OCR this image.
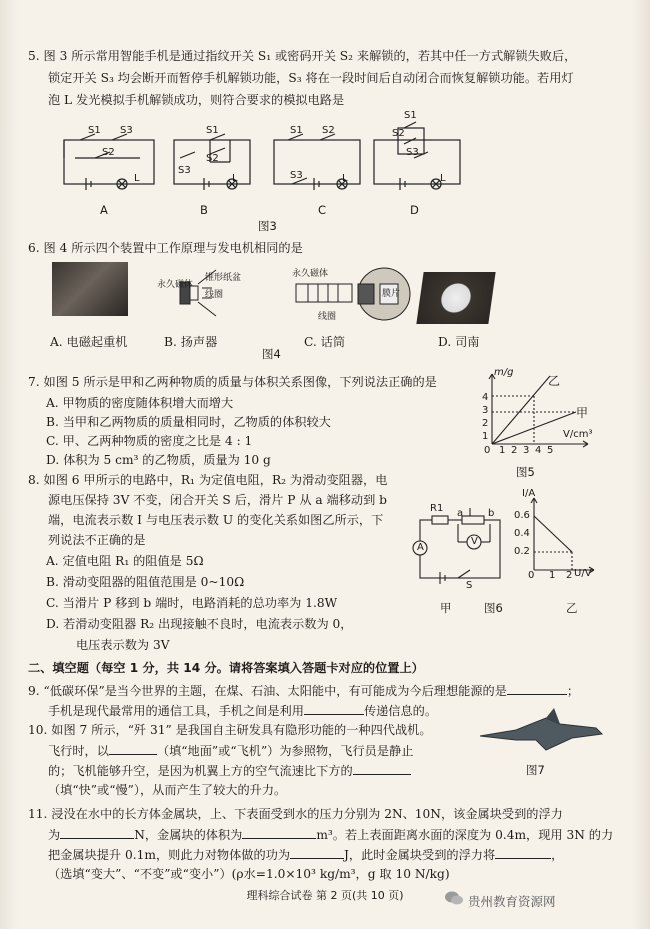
5. 图 3 所示常用智能手机是通过指纹开关 S₁ 或密码开关 S₂ 来解锁的，若其中任一方式解锁失败后，
锁定开关 S₃ 均会断开而暂停手机解锁功能，S₃ 将在一段时间后自动闭合而恢复解锁功能。若用灯
泡 L 发光模拟手机解锁成功，则符合要求的模拟电路是
S1 S3
S2
L
A
S1
S2
S3
L
B
S1 S2
S3	L
C
S1
S2
S3
L
D
图3
6. 图 4 所示四个装置中工作原理与发电机相同的是
永久磁体
锥形纸盆
线圈
永久磁体
膜片
线圈
A. 电磁起重机	B. 扬声器	C. 话筒	D. 司南
图4
7. 如图 5 所示是甲和乙两种物质的质量与体积关系图像，下列说法正确的是
A. 甲物质的密度随体积增大而增大
B. 当甲和乙两物质的质量相同时，乙物质的体积较大
C. 甲、乙两种物质的密度之比是 4 : 1
D. 体积为 5 cm³ 的乙物质，质量为 10 g
m/g
V/cm³
4
3
2
1
0 1 2 3 4 5
乙
甲
图5
8. 如图 6 甲所示的电路中，R₁ 为定值电阻，R₂ 为滑动变阻器，电
源电压保持 3V 不变，闭合开关 S 后，滑片 P 从 a 端移动到 b
端，电流表示数 I 与电压表示数 U 的变化关系如图乙所示，下
列说法不正确的是
A. 定值电阻 R₁ 的阻值是 5Ω
B. 滑动变阻器的阻值范围是 0~10Ω
C. 当滑片 P 移到 b 端时，电路消耗的总功率为 1.8W
D. 若滑动变阻器 R₂ 出现接触不良时，电流表示数为 0，
电压表示数为 3V
R1 a b
A
V
S
I/A
U/V
0.6
0.4
0.2
0 1 2
甲	图6	乙
二、填空题（每空 1 分，共 14 分。请将答案填入答题卡对应的位置上）
9. “低碳环保”是当今世界的主题，在煤、石油、太阳能中，有可能成为今后理想能源的是	；
手机是现代最常用的通信工具，手机之间是利用	传递信息的。
10. 如图 7 所示，“歼 31” 是我国自主研发具有隐形功能的一种四代战机。
飞行时，以	（填“地面”或“飞机”）为参照物，飞行员是静止
的；飞机能够升空，是因为机翼上方的空气流速比下方的
（填“快”或“慢”），从而产生了较大的升力。
图7
11. 浸没在水中的长方体金属块，上、下表面受到水的压力分别为 2N、10N，该金属块受到的浮力
为	N，金属块的体积为	m³。若上表面距离水面的深度为 0.4m，现用 3N 的力
把金属块提升 0.1m，则此力对物体做的功为	J，此时金属块受到的浮力将	，
（选填“变大”、“不变”或“变小”）(ρ水=1.0×10³ kg/m³，g 取 10 N/kg)
理科综合试卷 第 2 页(共 10 页)	贵州教育资源网
